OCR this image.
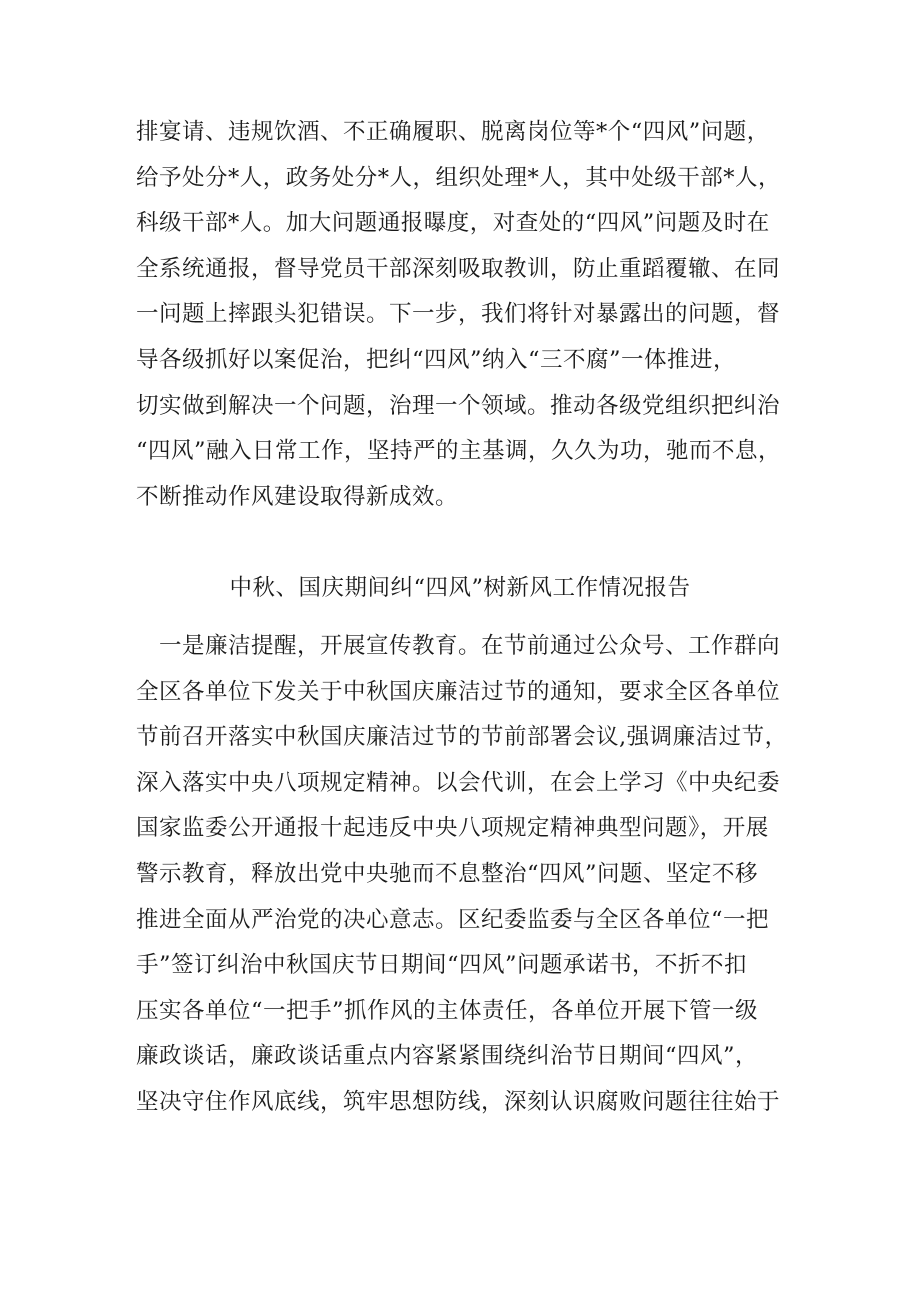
排宴请、违规饮酒、不正确履职、脱离岗位等*个“四风”问题，
给予处分*人，政务处分*人，组织处理*人，其中处级干部*人，
科级干部*人。加大问题通报曝度，对查处的“四风”问题及时在
全系统通报，督导党员干部深刻吸取教训，防止重蹈覆辙、在同
一问题上摔跟头犯错误。下一步，我们将针对暴露出的问题，督
导各级抓好以案促治，把纠“四风”纳入“三不腐”一体推进，
切实做到解决一个问题，治理一个领域。推动各级党组织把纠治
“四风”融入日常工作，坚持严的主基调，久久为功，驰而不息，
不断推动作风建设取得新成效。
中秋、国庆期间纠“四风”树新风工作情况报告
　一是廉洁提醒，开展宣传教育。在节前通过公众号、工作群向
全区各单位下发关于中秋国庆廉洁过节的通知，要求全区各单位
节前召开落实中秋国庆廉洁过节的节前部署会议,强调廉洁过节，
深入落实中央八项规定精神。以会代训，在会上学习《中央纪委
国家监委公开通报十起违反中央八项规定精神典型问题》，开展
警示教育，释放出党中央驰而不息整治“四风”问题、坚定不移
推进全面从严治党的决心意志。区纪委监委与全区各单位“一把
手”签订纠治中秋国庆节日期间“四风”问题承诺书，不折不扣
压实各单位“一把手”抓作风的主体责任，各单位开展下管一级
廉政谈话，廉政谈话重点内容紧紧围绕纠治节日期间“四风”，
坚决守住作风底线，筑牢思想防线，深刻认识腐败问题往往始于
